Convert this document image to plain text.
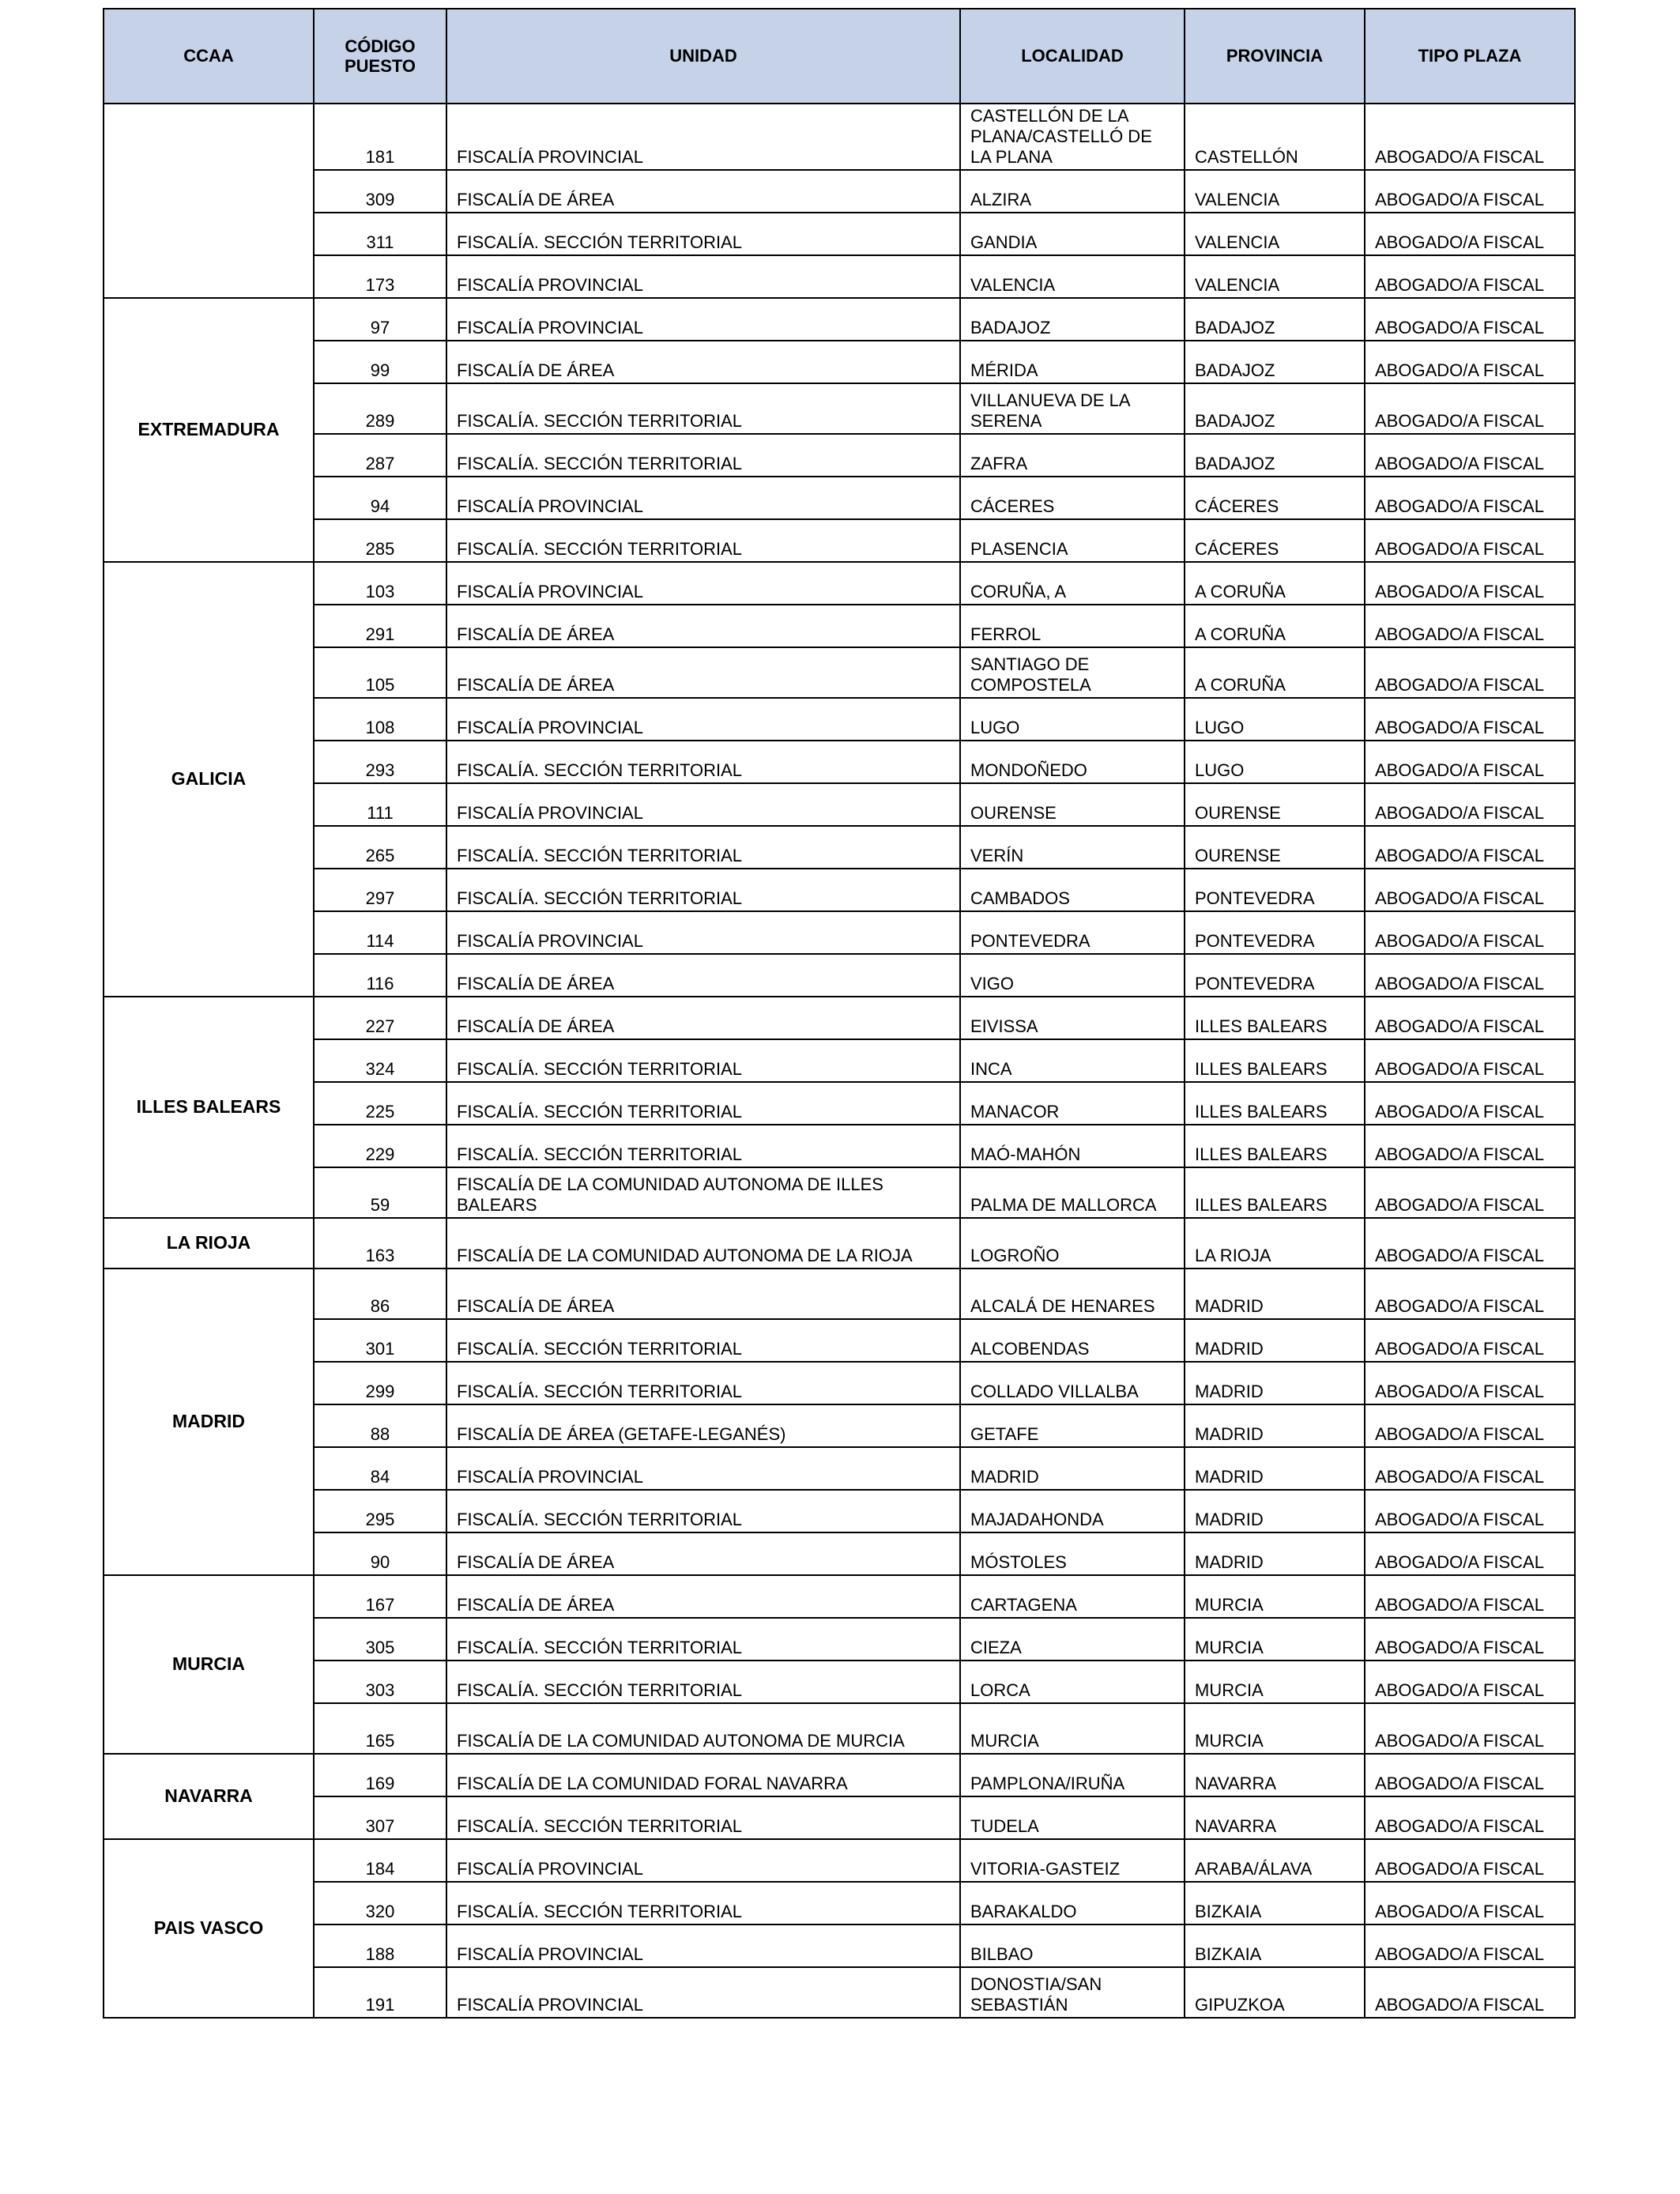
CCAA	CÓDIGO PUESTO	UNIDAD	LOCALIDAD	PROVINCIA	TIPO PLAZA
	181	FISCALÍA PROVINCIAL	CASTELLÓN DE LA PLANA/CASTELLÓ DE LA PLANA	CASTELLÓN	ABOGADO/A FISCAL
	309	FISCALÍA DE ÁREA	ALZIRA	VALENCIA	ABOGADO/A FISCAL
	311	FISCALÍA. SECCIÓN TERRITORIAL	GANDIA	VALENCIA	ABOGADO/A FISCAL
	173	FISCALÍA PROVINCIAL	VALENCIA	VALENCIA	ABOGADO/A FISCAL
EXTREMADURA	97	FISCALÍA PROVINCIAL	BADAJOZ	BADAJOZ	ABOGADO/A FISCAL
	99	FISCALÍA DE ÁREA	MÉRIDA	BADAJOZ	ABOGADO/A FISCAL
	289	FISCALÍA. SECCIÓN TERRITORIAL	VILLANUEVA DE LA SERENA	BADAJOZ	ABOGADO/A FISCAL
	287	FISCALÍA. SECCIÓN TERRITORIAL	ZAFRA	BADAJOZ	ABOGADO/A FISCAL
	94	FISCALÍA PROVINCIAL	CÁCERES	CÁCERES	ABOGADO/A FISCAL
	285	FISCALÍA. SECCIÓN TERRITORIAL	PLASENCIA	CÁCERES	ABOGADO/A FISCAL
GALICIA	103	FISCALÍA PROVINCIAL	CORUÑA, A	A CORUÑA	ABOGADO/A FISCAL
	291	FISCALÍA DE ÁREA	FERROL	A CORUÑA	ABOGADO/A FISCAL
	105	FISCALÍA DE ÁREA	SANTIAGO DE COMPOSTELA	A CORUÑA	ABOGADO/A FISCAL
	108	FISCALÍA PROVINCIAL	LUGO	LUGO	ABOGADO/A FISCAL
	293	FISCALÍA. SECCIÓN TERRITORIAL	MONDOÑEDO	LUGO	ABOGADO/A FISCAL
	111	FISCALÍA PROVINCIAL	OURENSE	OURENSE	ABOGADO/A FISCAL
	265	FISCALÍA. SECCIÓN TERRITORIAL	VERÍN	OURENSE	ABOGADO/A FISCAL
	297	FISCALÍA. SECCIÓN TERRITORIAL	CAMBADOS	PONTEVEDRA	ABOGADO/A FISCAL
	114	FISCALÍA PROVINCIAL	PONTEVEDRA	PONTEVEDRA	ABOGADO/A FISCAL
	116	FISCALÍA DE ÁREA	VIGO	PONTEVEDRA	ABOGADO/A FISCAL
ILLES BALEARS	227	FISCALÍA DE ÁREA	EIVISSA	ILLES BALEARS	ABOGADO/A FISCAL
	324	FISCALÍA. SECCIÓN TERRITORIAL	INCA	ILLES BALEARS	ABOGADO/A FISCAL
	225	FISCALÍA. SECCIÓN TERRITORIAL	MANACOR	ILLES BALEARS	ABOGADO/A FISCAL
	229	FISCALÍA. SECCIÓN TERRITORIAL	MAÓ-MAHÓN	ILLES BALEARS	ABOGADO/A FISCAL
	59	FISCALÍA DE LA COMUNIDAD AUTONOMA DE ILLES BALEARS	PALMA DE MALLORCA	ILLES BALEARS	ABOGADO/A FISCAL
LA RIOJA	163	FISCALÍA DE LA COMUNIDAD AUTONOMA DE LA RIOJA	LOGROÑO	LA RIOJA	ABOGADO/A FISCAL
MADRID	86	FISCALÍA DE ÁREA	ALCALÁ DE HENARES	MADRID	ABOGADO/A FISCAL
	301	FISCALÍA. SECCIÓN TERRITORIAL	ALCOBENDAS	MADRID	ABOGADO/A FISCAL
	299	FISCALÍA. SECCIÓN TERRITORIAL	COLLADO VILLALBA	MADRID	ABOGADO/A FISCAL
	88	FISCALÍA DE ÁREA (GETAFE-LEGANÉS)	GETAFE	MADRID	ABOGADO/A FISCAL
	84	FISCALÍA PROVINCIAL	MADRID	MADRID	ABOGADO/A FISCAL
	295	FISCALÍA. SECCIÓN TERRITORIAL	MAJADAHONDA	MADRID	ABOGADO/A FISCAL
	90	FISCALÍA DE ÁREA	MÓSTOLES	MADRID	ABOGADO/A FISCAL
MURCIA	167	FISCALÍA DE ÁREA	CARTAGENA	MURCIA	ABOGADO/A FISCAL
	305	FISCALÍA. SECCIÓN TERRITORIAL	CIEZA	MURCIA	ABOGADO/A FISCAL
	303	FISCALÍA. SECCIÓN TERRITORIAL	LORCA	MURCIA	ABOGADO/A FISCAL
	165	FISCALÍA DE LA COMUNIDAD AUTONOMA DE MURCIA	MURCIA	MURCIA	ABOGADO/A FISCAL
NAVARRA	169	FISCALÍA DE LA COMUNIDAD FORAL NAVARRA	PAMPLONA/IRUÑA	NAVARRA	ABOGADO/A FISCAL
	307	FISCALÍA. SECCIÓN TERRITORIAL	TUDELA	NAVARRA	ABOGADO/A FISCAL
PAIS VASCO	184	FISCALÍA PROVINCIAL	VITORIA-GASTEIZ	ARABA/ÁLAVA	ABOGADO/A FISCAL
	320	FISCALÍA. SECCIÓN TERRITORIAL	BARAKALDO	BIZKAIA	ABOGADO/A FISCAL
	188	FISCALÍA PROVINCIAL	BILBAO	BIZKAIA	ABOGADO/A FISCAL
	191	FISCALÍA PROVINCIAL	DONOSTIA/SAN SEBASTIÁN	GIPUZKOA	ABOGADO/A FISCAL
